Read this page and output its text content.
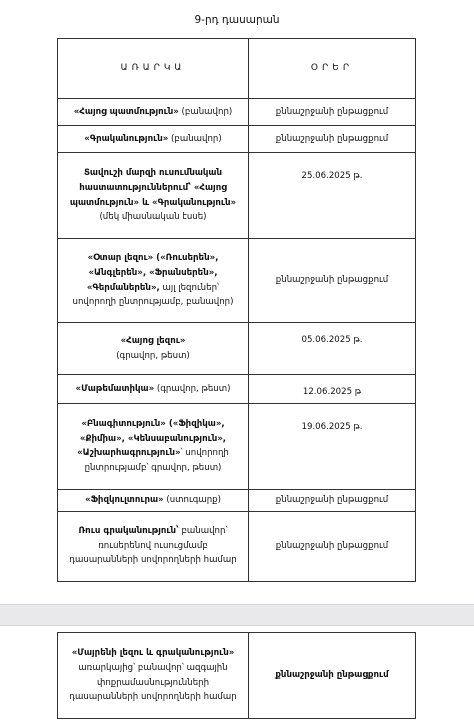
9-րդ դասարան
ԱՌԱՐԿԱ	ՕՐԵՐ
«Հայոց պատմություն» (բանավոր)	քննաշրջանի ընթացքում
«Գրականություն» (բանավոր)	քննաշրջանի ընթացքում
Տավուշի մարզի ուսումնական հաստատություններում՝ «Հայոց պատմություն» և «Գրականություն»
(մեկ միասնական էսսե)	25.06.2025 թ.
«Օտար լեզու» («Ռուսերեն», «Անգլերեն», «Ֆրանսերեն», «Գերմաներեն», այլ լեզուներ՝ սովորողի ընտրությամբ, բանավոր)	քննաշրջանի ընթացքում
«Հայոց լեզու»
(գրավոր, թեստ)	05.06.2025 թ.
«Մաթեմատիկա» (գրավոր, թեստ)	12.06.2025 թ
«Բնագիտություն» («Ֆիզիկա», «Քիմիա», «Կենսաբանություն», «Աշխարհագրություն»՝ սովորողի ընտրությամբ՝ գրավոր, թեստ)	19.06.2025 թ.
«Ֆիզկուլտուրա» (ստուգարք)	քննաշրջանի ընթացքում
Ռուս գրականություն՝ բանավոր՝ ռուսերենով ուսուցմամբ դասարանների սովորողների համար	քննաշրջանի ընթացքում
«Մայրենի լեզու և գրականություն» առարկայից՝ բանավոր՝ ազգային փոքրամասնությունների դասարանների սովորողների համար	քննաշրջանի ընթացքում
